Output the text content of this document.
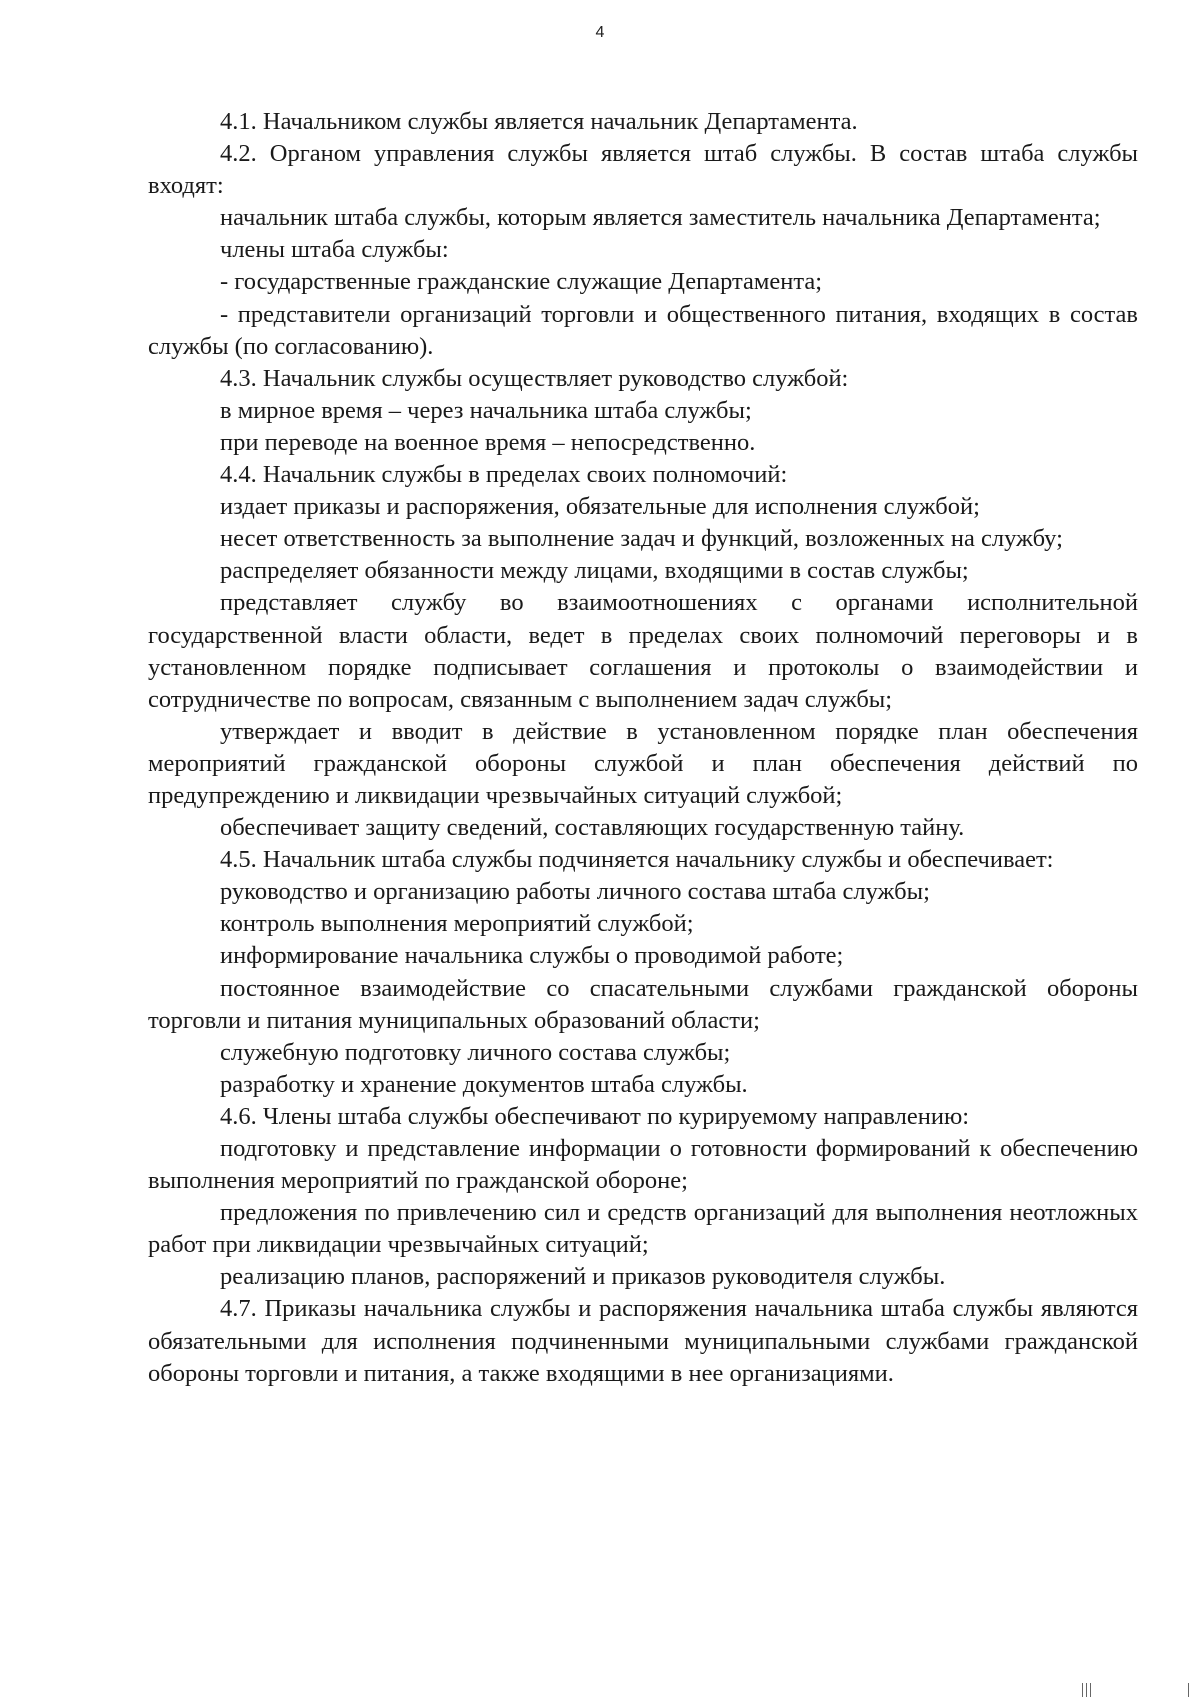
4

4.1. Начальником службы является начальник Департамента.

4.2. Органом управления службы является штаб службы. В состав штаба службы входят:

начальник штаба службы, которым является заместитель начальника Департамента;

члены штаба службы:

- государственные гражданские служащие Департамента;

- представители организаций торговли и общественного питания, входящих в состав службы (по согласованию).

4.3. Начальник службы осуществляет руководство службой:

в мирное время – через начальника штаба службы;

при переводе на военное время – непосредственно.

4.4. Начальник службы в пределах своих полномочий:

издает приказы и распоряжения, обязательные для исполнения службой;

несет ответственность за выполнение задач и функций, возложенных на службу;

распределяет обязанности между лицами, входящими в состав службы;

представляет службу во взаимоотношениях с органами исполнительной государственной власти области, ведет в пределах своих полномочий переговоры и в установленном порядке подписывает соглашения и протоколы о взаимодействии и сотрудничестве по вопросам, связанным с выполнением задач службы;

утверждает и вводит в действие в установленном порядке план обеспечения мероприятий гражданской обороны службой и план обеспечения действий по предупреждению и ликвидации чрезвычайных ситуаций службой;

обеспечивает защиту сведений, составляющих государственную тайну.

4.5. Начальник штаба службы подчиняется начальнику службы и обеспечивает:

руководство и организацию работы личного состава штаба службы;

контроль выполнения мероприятий службой;

информирование начальника службы о проводимой работе;

постоянное взаимодействие со спасательными службами гражданской обороны торговли и питания муниципальных образований области;

служебную подготовку личного состава службы;

разработку и хранение документов штаба службы.

4.6. Члены штаба службы обеспечивают по курируемому направлению:

подготовку и представление информации о готовности формирований к обеспечению выполнения мероприятий по гражданской обороне;

предложения по привлечению сил и средств организаций для выполнения неотложных работ при ликвидации чрезвычайных ситуаций;

реализацию планов, распоряжений и приказов руководителя службы.

4.7. Приказы начальника службы и распоряжения начальника штаба службы являются обязательными для исполнения подчиненными муниципальными службами гражданской обороны торговли и питания, а также входящими в нее организациями.
